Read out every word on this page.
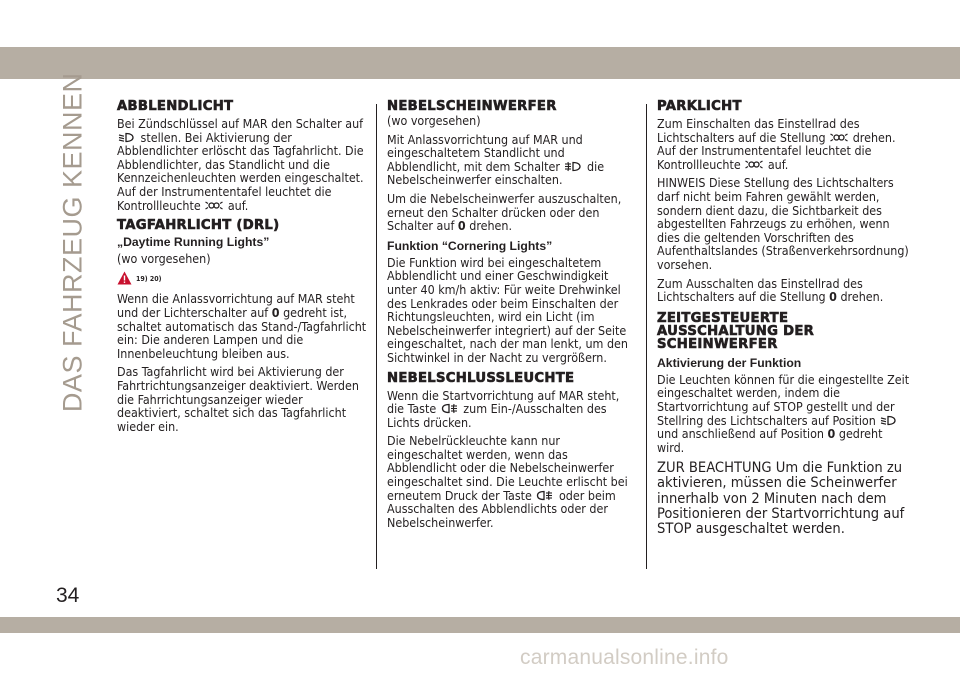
DAS FAHRZEUG KENNEN
34
ABBLENDLICHT

Bei Zündschlüssel auf MAR den Schalter auf
stellen. Bei Aktivierung der Abblendlichter erlöscht das Tagfahrlicht. Die Abblendlichter, das Standlicht und die Kennzeichenleuchten werden eingeschaltet. Auf der Instrumententafel leuchtet die Kontrollleuchte auf.

TAGFAHRLICHT (DRL)
„Daytime Running Lights”

(wo vorgesehen)

19) 20)

Wenn die Anlassvorrichtung auf MAR steht und der Lichterschalter auf 0 gedreht ist, schaltet automatisch das Stand-/Tagfahrlicht ein: Die anderen Lampen und die Innenbeleuchtung bleiben aus.

Das Tagfahrlicht wird bei Aktivierung der Fahrtrichtungsanzeiger deaktiviert. Werden die Fahrrichtungsanzeiger wieder deaktiviert, schaltet sich das Tagfahrlicht wieder ein.

NEBELSCHEINWERFER

(wo vorgesehen)

Mit Anlassvorrichtung auf MAR und eingeschaltetem Standlicht und Abblendlicht, mit dem Schalter die Nebelscheinwerfer einschalten.

Um die Nebelscheinwerfer auszuschalten, erneut den Schalter drücken oder den Schalter auf 0 drehen.

Funktion “Cornering Lights”

Die Funktion wird bei eingeschaltetem Abblendlicht und einer Geschwindigkeit unter 40 km/h aktiv: Für weite Drehwinkel des Lenkrades oder beim Einschalten der Richtungsleuchten, wird ein Licht (im Nebelscheinwerfer integriert) auf der Seite eingeschaltet, nach der man lenkt, um den Sichtwinkel in der Nacht zu vergrößern.

NEBELSCHLUSSLEUCHTE

Wenn die Startvorrichtung auf MAR steht, die Taste zum Ein-/Ausschalten des Lichts drücken.

Die Nebelrückleuchte kann nur eingeschaltet werden, wenn das Abblendlicht oder die Nebelscheinwerfer eingeschaltet sind. Die Leuchte erlischt bei erneutem Druck der Taste oder beim Ausschalten des Abblendlichts oder der Nebelscheinwerfer.

PARKLICHT

Zum Einschalten das Einstellrad des Lichtschalters auf die Stellung drehen. Auf der Instrumententafel leuchtet die Kontrollleuchte auf.

HINWEIS Diese Stellung des Lichtschalters darf nicht beim Fahren gewählt werden, sondern dient dazu, die Sichtbarkeit des abgestellten Fahrzeugs zu erhöhen, wenn dies die geltenden Vorschriften des Aufenthaltslandes (Straßenverkehrsordnung) vorsehen.

Zum Ausschalten das Einstellrad des Lichtschalters auf die Stellung 0 drehen.

ZEITGESTEUERTE AUSSCHALTUNG DER SCHEINWERFER
Aktivierung der Funktion

Die Leuchten können für die eingestellte Zeit eingeschaltet werden, indem die Startvorrichtung auf STOP gestellt und der Stellring des Lichtschalters auf Position
und anschließend auf Position 0 gedreht wird.

ZUR BEACHTUNG Um die Funktion zu aktivieren, müssen die Scheinwerfer innerhalb von 2 Minuten nach dem Positionieren der Startvorrichtung auf STOP ausgeschaltet werden.

carmanualsonline.info
